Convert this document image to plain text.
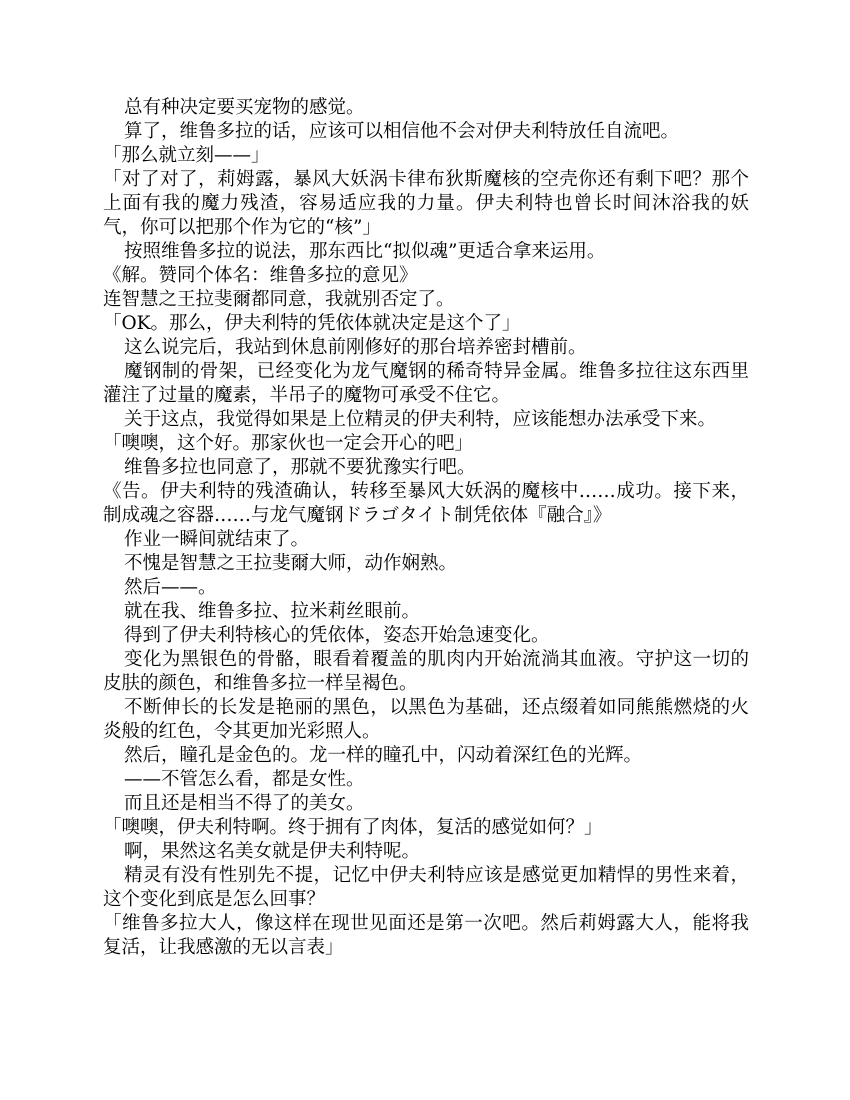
总有种决定要买宠物的感觉。

算了，维鲁多拉的话，应该可以相信他不会对伊夫利特放任自流吧。

「那么就立刻——」

「对了对了，莉姆露，暴风大妖涡卡律布狄斯魔核的空壳你还有剩下吧？那个上面有我的魔力残渣，容易适应我的力量。伊夫利特也曾长时间沐浴我的妖气，你可以把那个作为它的“核”」

按照维鲁多拉的说法，那东西比“拟似魂”更适合拿来运用。

《解。赞同个体名：维鲁多拉的意见》

连智慧之王拉斐爾都同意，我就别否定了。

「OK。那么，伊夫利特的凭依体就决定是这个了」

这么说完后，我站到休息前刚修好的那台培养密封槽前。

魔钢制的骨架，已经变化为龙气魔钢的稀奇特异金属。维鲁多拉往这东西里灌注了过量的魔素，半吊子的魔物可承受不住它。

关于这点，我觉得如果是上位精灵的伊夫利特，应该能想办法承受下来。

「噢噢，这个好。那家伙也一定会开心的吧」

维鲁多拉也同意了，那就不要犹豫实行吧。

《告。伊夫利特的残渣确认，转移至暴风大妖涡的魔核中……成功。接下来，制成魂之容器……与龙气魔钢ドラゴタイト制凭依体『融合』》

作业一瞬间就结束了。

不愧是智慧之王拉斐爾大师，动作娴熟。

然后——。

就在我、维鲁多拉、拉米莉丝眼前。

得到了伊夫利特核心的凭依体，姿态开始急速变化。

变化为黑银色的骨骼，眼看着覆盖的肌肉内开始流淌其血液。守护这一切的皮肤的颜色，和维鲁多拉一样呈褐色。

不断伸长的长发是艳丽的黑色，以黑色为基础，还点缀着如同熊熊燃烧的火炎般的红色，令其更加光彩照人。

然后，瞳孔是金色的。龙一样的瞳孔中，闪动着深红色的光辉。

——不管怎么看，都是女性。

而且还是相当不得了的美女。

「噢噢，伊夫利特啊。终于拥有了肉体，复活的感觉如何？」

啊，果然这名美女就是伊夫利特呢。

精灵有没有性别先不提，记忆中伊夫利特应该是感觉更加精悍的男性来着，这个变化到底是怎么回事？

「维鲁多拉大人，像这样在现世见面还是第一次吧。然后莉姆露大人，能将我复活，让我感激的无以言表」
